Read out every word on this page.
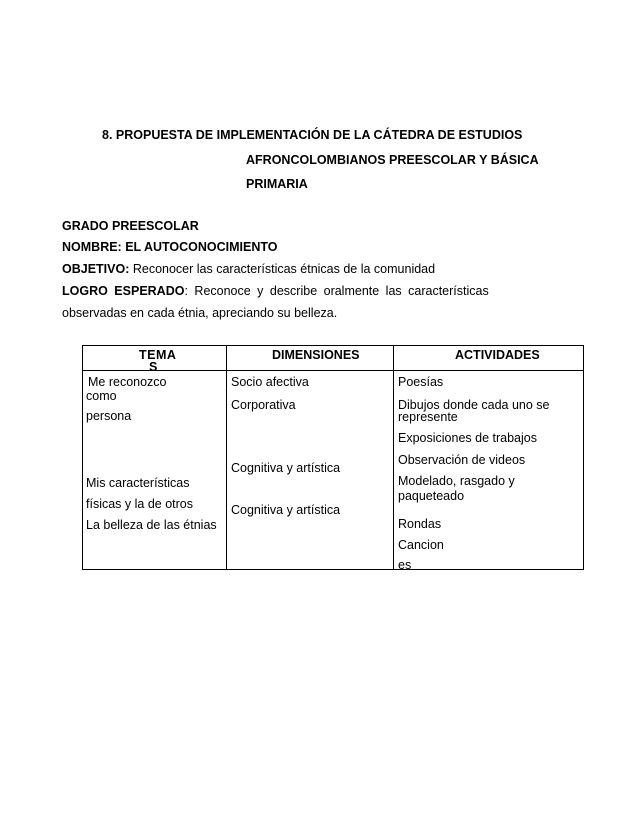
8. PROPUESTA DE IMPLEMENTACIÓN DE LA CÁTEDRA DE ESTUDIOS
AFRONCOLOMBIANOS PREESCOLAR Y BÁSICA
PRIMARIA
GRADO PREESCOLAR
NOMBRE: EL AUTOCONOCIMIENTO
OBJETIVO: Reconocer las características étnicas de la comunidad
LOGRO ESPERADO: Reconoce y describe oralmente las características
observadas en cada étnia, apreciando su belleza.
TEMA
S
DIMENSIONES	ACTIVIDADES
Me reconozco
como
persona
Mis características
físicas y la de otros
La belleza de las étnias
Socio afectiva
Corporativa
Cognitiva y artística
Cognitiva y artística
Poesías
Dibujos donde cada uno se
represente
Exposiciones de trabajos
Observación de videos
Modelado, rasgado y paqueteado
Rondas
Cancion
es
